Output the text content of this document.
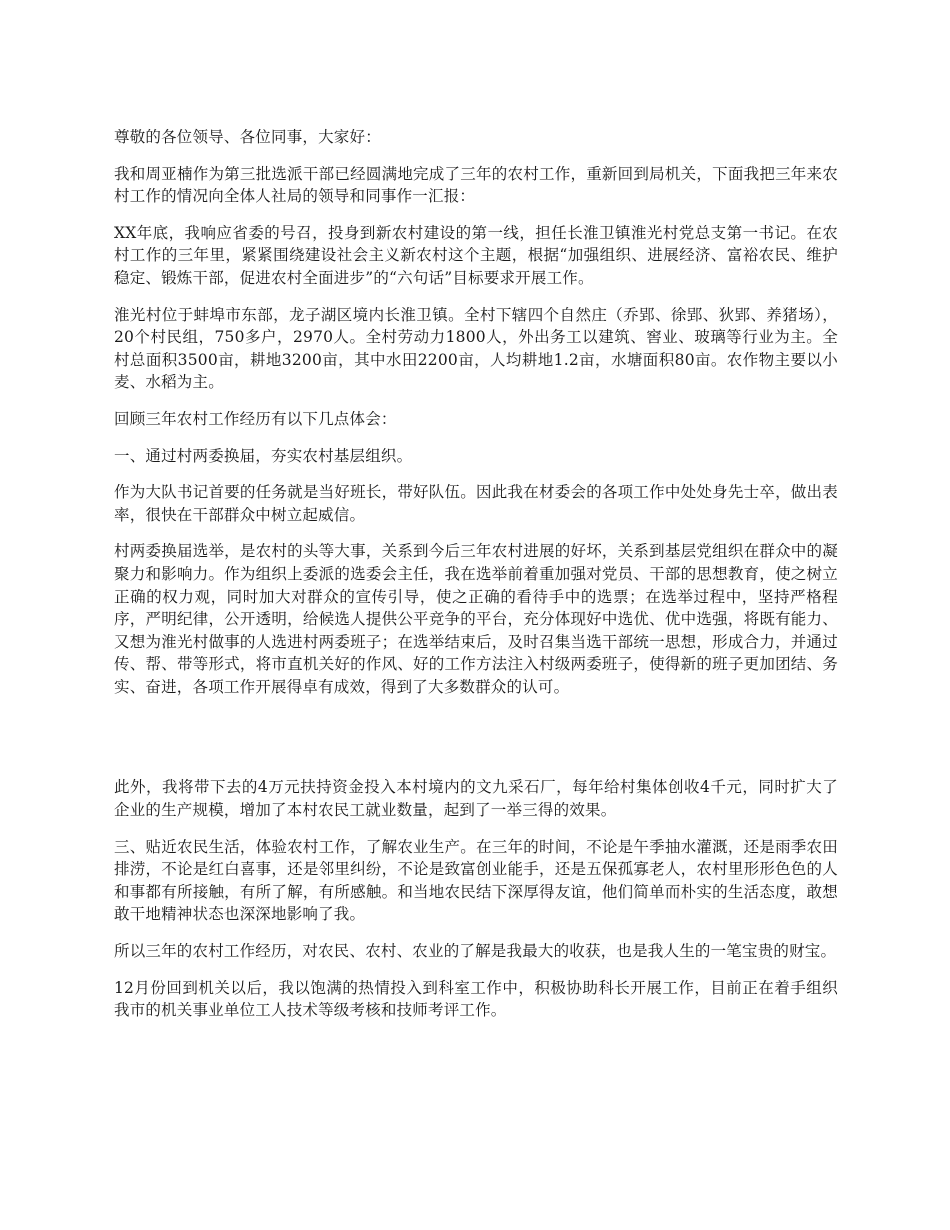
尊敬的各位领导、各位同事，大家好：

我和周亚楠作为第三批选派干部已经圆满地完成了三年的农村工作，重新回到局机关，下面我把三年来农村工作的情况向全体人社局的领导和同事作一汇报：

XX年底，我响应省委的号召，投身到新农村建设的第一线，担任长淮卫镇淮光村党总支第一书记。在农村工作的三年里，紧紧围绕建设社会主义新农村这个主题，根据“加强组织、进展经济、富裕农民、维护稳定、锻炼干部，促进农村全面进步”的“六句话”目标要求开展工作。

淮光村位于蚌埠市东部，龙子湖区境内长淮卫镇。全村下辖四个自然庄（乔郢、徐郢、狄郢、养猪场），20个村民组，750多户，2970人。全村劳动力1800人，外出务工以建筑、窖业、玻璃等行业为主。全村总面积3500亩，耕地3200亩，其中水田2200亩，人均耕地1.2亩，水塘面积80亩。农作物主要以小麦、水稻为主。

回顾三年农村工作经历有以下几点体会：

一、通过村两委换届，夯实农村基层组织。

作为大队书记首要的任务就是当好班长，带好队伍。因此我在材委会的各项工作中处处身先士卒，做出表率，很快在干部群众中树立起威信。

村两委换届选举，是农村的头等大事，关系到今后三年农村进展的好坏，关系到基层党组织在群众中的凝聚力和影响力。作为组织上委派的选委会主任，我在选举前着重加强对党员、干部的思想教育，使之树立正确的权力观，同时加大对群众的宣传引导，使之正确的看待手中的选票；在选举过程中，坚持严格程序，严明纪律，公开透明，给候选人提供公平竞争的平台，充分体现好中选优、优中选强，将既有能力、又想为淮光村做事的人选进村两委班子；在选举结束后，及时召集当选干部统一思想，形成合力，并通过传、帮、带等形式，将市直机关好的作风、好的工作方法注入村级两委班子，使得新的班子更加团结、务实、奋进，各项工作开展得卓有成效，得到了大多数群众的认可。

此外，我将带下去的4万元扶持资金投入本村境内的文九采石厂，每年给村集体创收4千元，同时扩大了企业的生产规模，增加了本村农民工就业数量，起到了一举三得的效果。

三、贴近农民生活，体验农村工作，了解农业生产。在三年的时间，不论是午季抽水灌溉，还是雨季农田排涝，不论是红白喜事，还是邻里纠纷，不论是致富创业能手，还是五保孤寡老人，农村里形形色色的人和事都有所接触，有所了解，有所感触。和当地农民结下深厚得友谊，他们简单而朴实的生活态度，敢想敢干地精神状态也深深地影响了我。

所以三年的农村工作经历，对农民、农村、农业的了解是我最大的收获，也是我人生的一笔宝贵的财宝。

12月份回到机关以后，我以饱满的热情投入到科室工作中，积极协助科长开展工作，目前正在着手组织我市的机关事业单位工人技术等级考核和技师考评工作。
